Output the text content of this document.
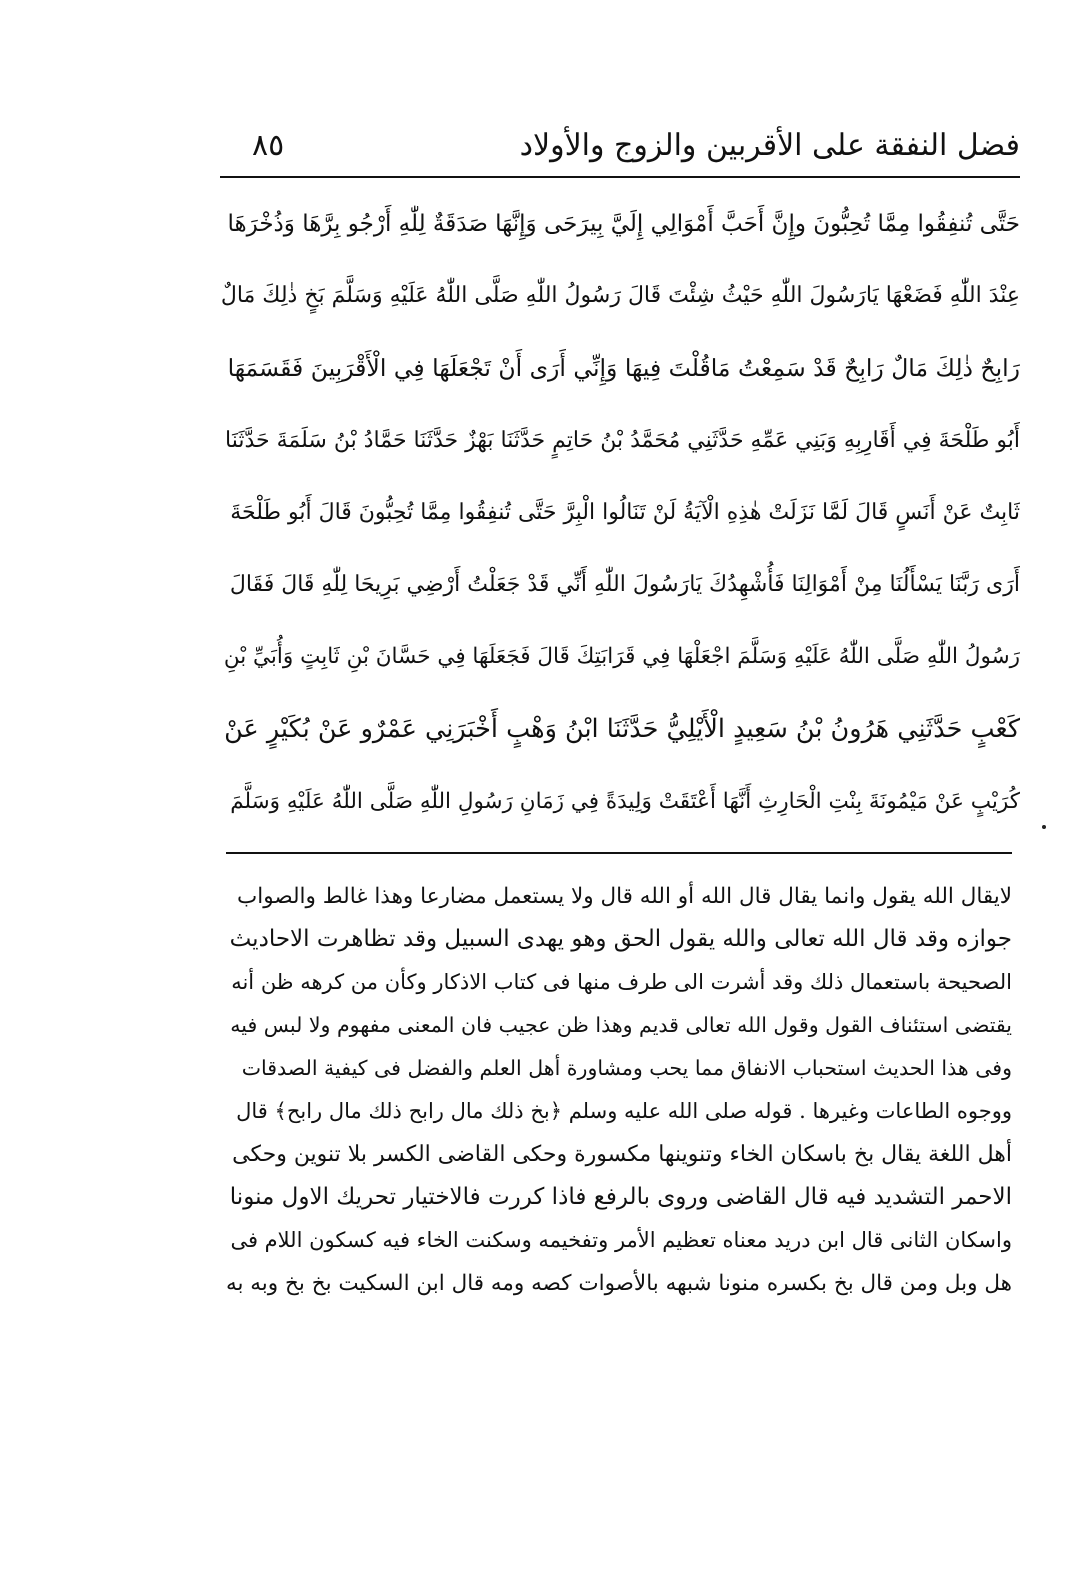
فضل النفقة على الأقربين والزوج والأولاد
٨٥
حَتَّى تُنفِقُوا مِمَّا تُحِبُّونَ وإِنَّ أَحَبَّ أَمْوَالِي إِلَيَّ بِيرَحَى وَإِنَّهَا صَدَقَةٌ لِلّٰهِ أَرْجُو بِرَّهَا وَذُخْرَهَا
عِنْدَ اللّٰهِ فَضَعْهَا يَارَسُولَ اللّٰهِ حَيْثُ شِئْتَ قَالَ رَسُولُ اللّٰهِ صَلَّى اللّٰهُ عَلَيْهِ وَسَلَّمَ بَخٍ ذٰلِكَ مَالٌ
رَابِحٌ ذٰلِكَ مَالٌ رَابِحٌ قَدْ سَمِعْتُ مَاقُلْتَ فِيهَا وَإِنِّي أَرَى أَنْ تَجْعَلَهَا فِي الْأَقْرَبِينَ فَقَسَمَهَا
أَبُو طَلْحَةَ فِي أَقَارِبِهِ وَبَنِي عَمِّهِ حَدَّثَنِي مُحَمَّدُ بْنُ حَاتِمٍ حَدَّثَنَا بَهْزٌ حَدَّثَنَا حَمَّادُ بْنُ سَلَمَةَ حَدَّثَنَا
ثَابِتٌ عَنْ أَنَسٍ قَالَ لَمَّا نَزَلَتْ هٰذِهِ الْآيَةُ لَنْ تَنَالُوا الْبِرَّ حَتَّى تُنفِقُوا مِمَّا تُحِبُّونَ قَالَ أَبُو طَلْحَةَ
أَرَى رَبَّنَا يَسْأَلُنَا مِنْ أَمْوَالِنَا فَأُشْهِدُكَ يَارَسُولَ اللّٰهِ أَنِّي قَدْ جَعَلْتُ أَرْضِي بَرِيحَا لِلّٰهِ قَالَ فَقَالَ
رَسُولُ اللّٰهِ صَلَّى اللّٰهُ عَلَيْهِ وَسَلَّمَ اجْعَلْهَا فِي قَرَابَتِكَ قَالَ فَجَعَلَهَا فِي حَسَّانَ بْنِ ثَابِتٍ وَأُبَيِّ بْنِ
كَعْبٍ حَدَّثَنِي هَرُونُ بْنُ سَعِيدٍ الْأَيْلِيُّ حَدَّثَنَا ابْنُ وَهْبٍ أَخْبَرَنِي عَمْرٌو عَنْ بُكَيْرٍ عَنْ
كُرَيْبٍ عَنْ مَيْمُونَةَ بِنْتِ الْحَارِثِ أَنَّهَا أَعْتَقَتْ وَلِيدَةً فِي زَمَانِ رَسُولِ اللّٰهِ صَلَّى اللّٰهُ عَلَيْهِ وَسَلَّمَ
لايقال الله يقول وانما يقال قال الله أو الله قال ولا يستعمل مضارعا وهذا غالط والصواب
جوازه وقد قال الله تعالى والله يقول الحق وهو يهدى السبيل وقد تظاهرت الاحاديث
الصحيحة باستعمال ذلك وقد أشرت الى طرف منها فى كتاب الاذكار وكأن من كرهه ظن أنه
يقتضى استئناف القول وقول الله تعالى قديم وهذا ظن عجيب فان المعنى مفهوم ولا لبس فيه
وفى هذا الحديث استحباب الانفاق مما يحب ومشاورة أهل العلم والفضل فى كيفية الصدقات
ووجوه الطاعات وغيرها . قوله صلى الله عليه وسلم ﴿بخ ذلك مال رابح ذلك مال رابح﴾ قال
أهل اللغة يقال بخ باسكان الخاء وتنوينها مكسورة وحكى القاضى الكسر بلا تنوين وحكى
الاحمر التشديد فيه قال القاضى وروى بالرفع فاذا كررت فالاختيار تحريك الاول منونا
واسكان الثانى قال ابن دريد معناه تعظيم الأمر وتفخيمه وسكنت الخاء فيه كسكون اللام فى
هل وبل ومن قال بخ بكسره منونا شبهه بالأصوات كصه ومه قال ابن السكيت بخ بخ وبه به
